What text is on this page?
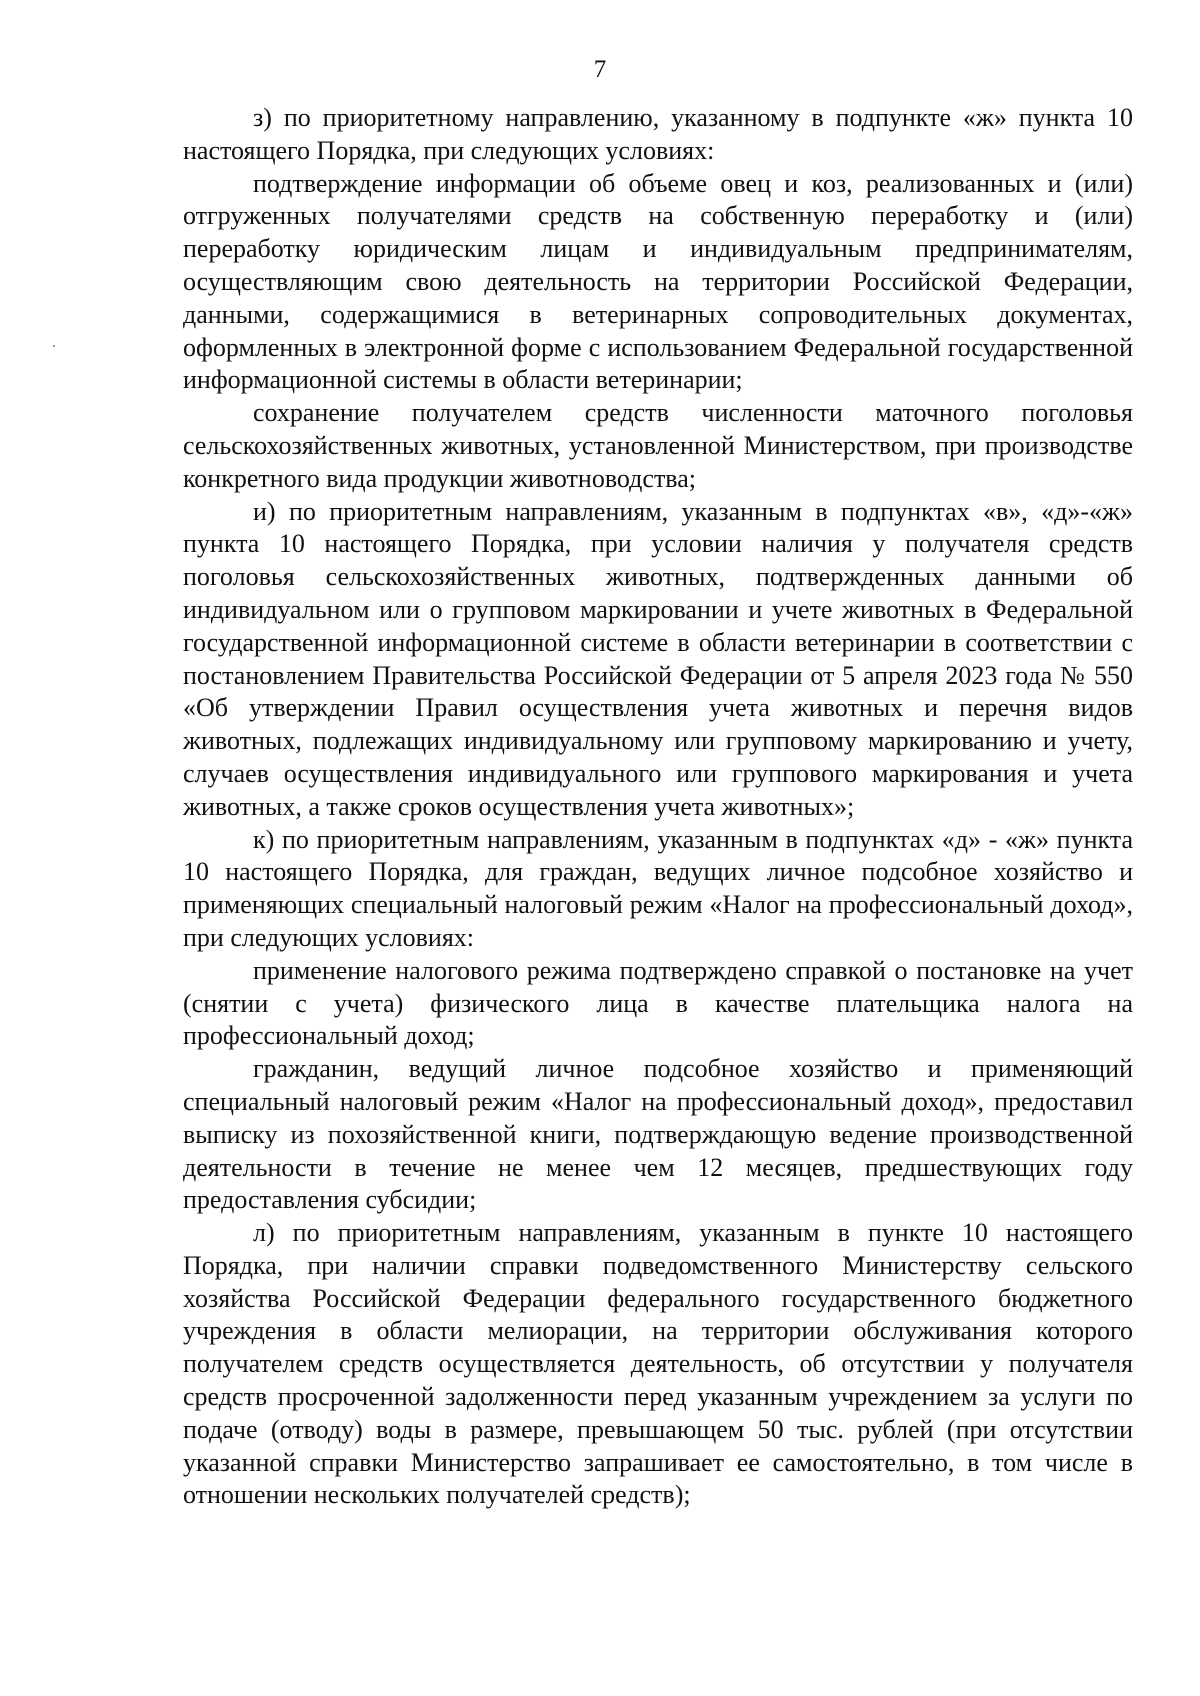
7

з) по приоритетному направлению, указанному в подпункте «ж» пункта 10 настоящего Порядка, при следующих условиях:

подтверждение информации об объеме овец и коз, реализованных и (или) отгруженных получателями средств на собственную переработку и (или) переработку юридическим лицам и индивидуальным предпринимателям, осуществляющим свою деятельность на территории Российской Федерации, данными, содержащимися в ветеринарных сопроводительных документах, оформленных в электронной форме с использованием Федеральной государственной информационной системы в области ветеринарии;

сохранение получателем средств численности маточного поголовья сельскохозяйственных животных, установленной Министерством, при производстве конкретного вида продукции животноводства;

и) по приоритетным направлениям, указанным в подпунктах «в», «д»-«ж» пункта 10 настоящего Порядка, при условии наличия у получателя средств поголовья сельскохозяйственных животных, подтвержденных данными об индивидуальном или о групповом маркировании и учете животных в Федеральной государственной информационной системе в области ветеринарии в соответствии с постановлением Правительства Российской Федерации от 5 апреля 2023 года № 550 «Об утверждении Правил осуществления учета животных и перечня видов животных, подлежащих индивидуальному или групповому маркированию и учету, случаев осуществления индивидуального или группового маркирования и учета животных, а также сроков осуществления учета животных»;

к) по приоритетным направлениям, указанным в подпунктах «д» - «ж» пункта 10 настоящего Порядка, для граждан, ведущих личное подсобное хозяйство и применяющих специальный налоговый режим «Налог на профессиональный доход», при следующих условиях:

применение налогового режима подтверждено справкой о постановке на учет (снятии с учета) физического лица в качестве плательщика налога на профессиональный доход;

гражданин, ведущий личное подсобное хозяйство и применяющий специальный налоговый режим «Налог на профессиональный доход», предоставил выписку из похозяйственной книги, подтверждающую ведение производственной деятельности в течение не менее чем 12 месяцев, предшествующих году предоставления субсидии;

л) по приоритетным направлениям, указанным в пункте 10 настоящего Порядка, при наличии справки подведомственного Министерству сельского хозяйства Российской Федерации федерального государственного бюджетного учреждения в области мелиорации, на территории обслуживания которого получателем средств осуществляется деятельность, об отсутствии у получателя средств просроченной задолженности перед указанным учреждением за услуги по подаче (отводу) воды в размере, превышающем 50 тыс. рублей (при отсутствии указанной справки Министерство запрашивает ее самостоятельно, в том числе в отношении нескольких получателей средств);
